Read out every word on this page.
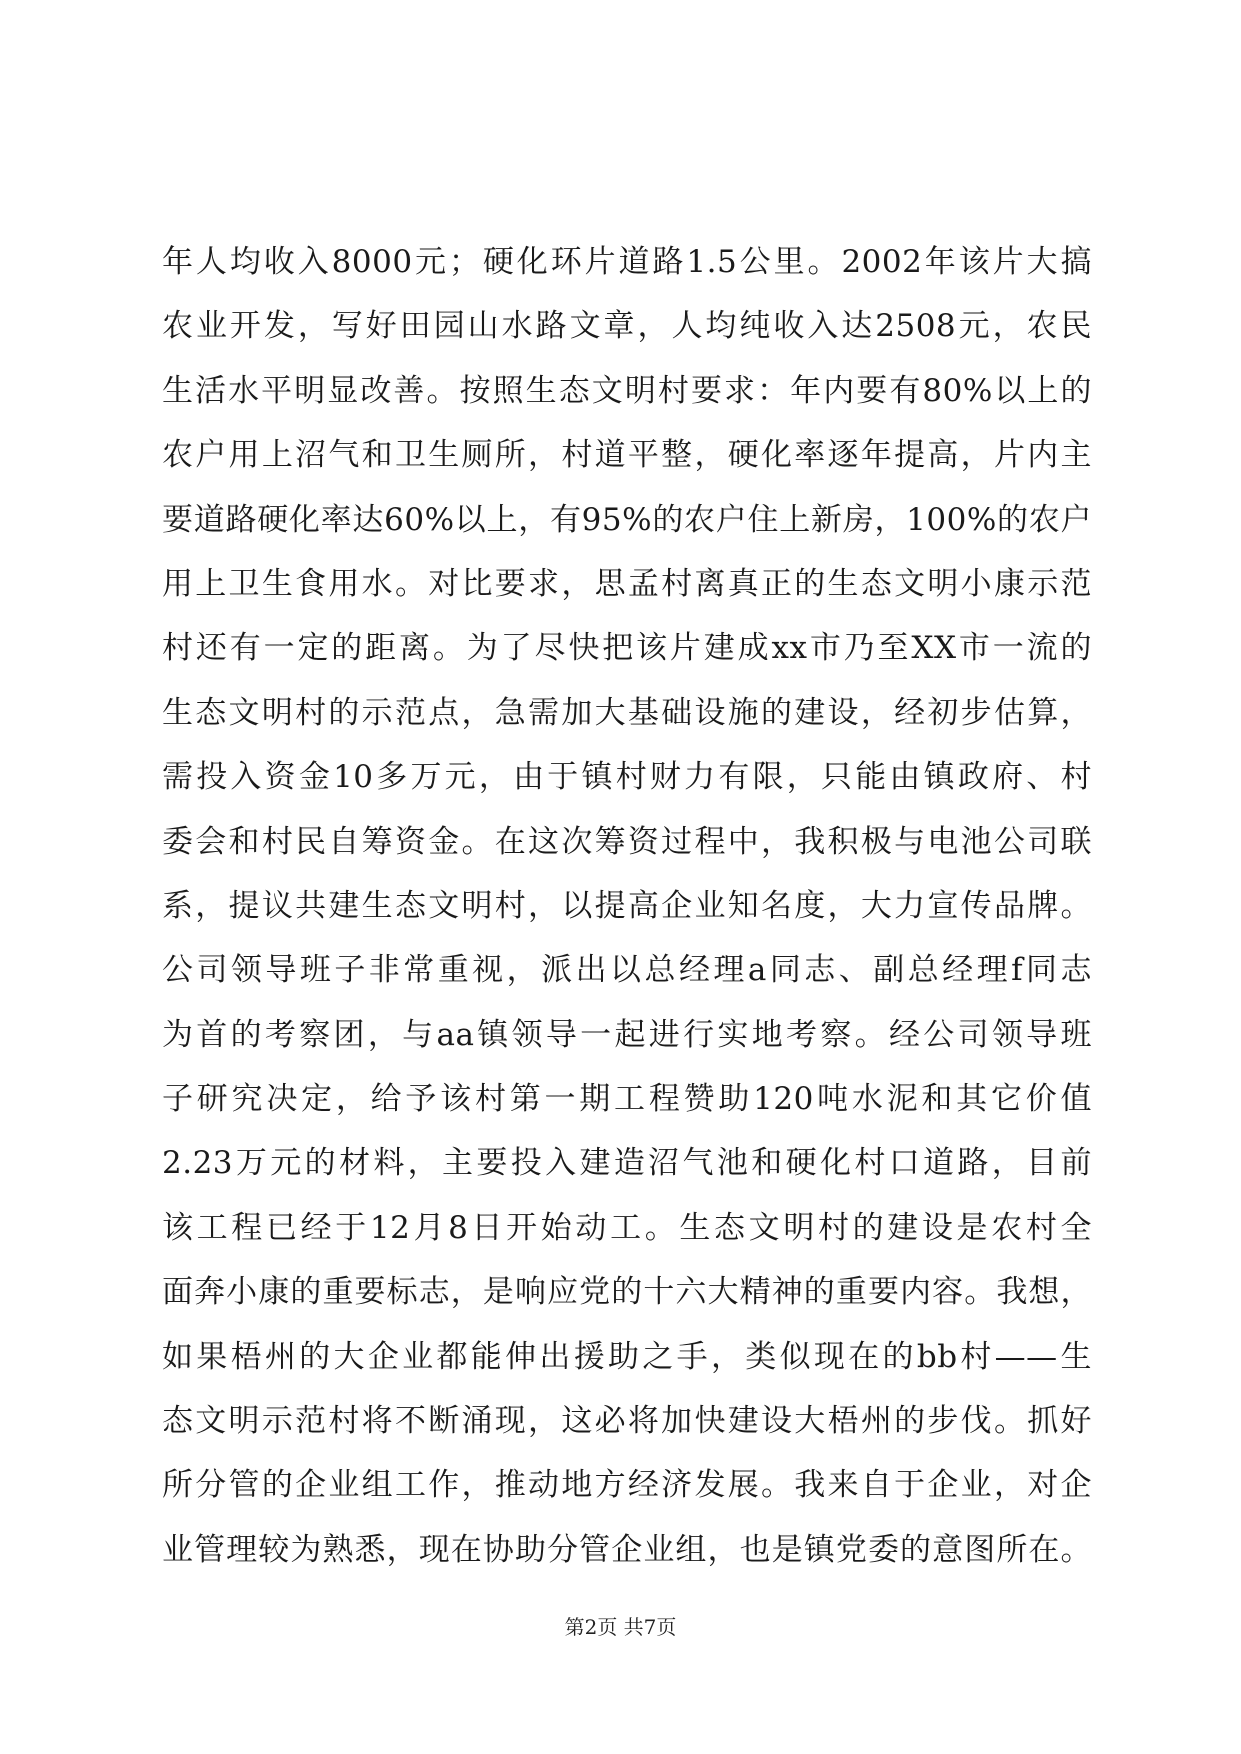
年人均收入8000元；硬化环片道路1.5公里。2002年该片大搞
农业开发，写好田园山水路文章，人均纯收入达2508元，农民
生活水平明显改善。按照生态文明村要求：年内要有80%以上的
农户用上沼气和卫生厕所，村道平整，硬化率逐年提高，片内主
要道路硬化率达60%以上，有95%的农户住上新房，100%的农户
用上卫生食用水。对比要求，思孟村离真正的生态文明小康示范
村还有一定的距离。为了尽快把该片建成xx市乃至XX市一流的
生态文明村的示范点，急需加大基础设施的建设，经初步估算，
需投入资金10多万元，由于镇村财力有限，只能由镇政府、村
委会和村民自筹资金。在这次筹资过程中，我积极与电池公司联
系，提议共建生态文明村，以提高企业知名度，大力宣传品牌。
公司领导班子非常重视，派出以总经理a同志、副总经理f同志
为首的考察团，与aa镇领导一起进行实地考察。经公司领导班
子研究决定，给予该村第一期工程赞助120吨水泥和其它价值
2.23万元的材料，主要投入建造沼气池和硬化村口道路，目前
该工程已经于12月8日开始动工。生态文明村的建设是农村全
面奔小康的重要标志，是响应党的十六大精神的重要内容。我想，
如果梧州的大企业都能伸出援助之手，类似现在的bb村——生
态文明示范村将不断涌现，这必将加快建设大梧州的步伐。抓好
所分管的企业组工作，推动地方经济发展。我来自于企业，对企
业管理较为熟悉，现在协助分管企业组，也是镇党委的意图所在。
第2页 共7页
